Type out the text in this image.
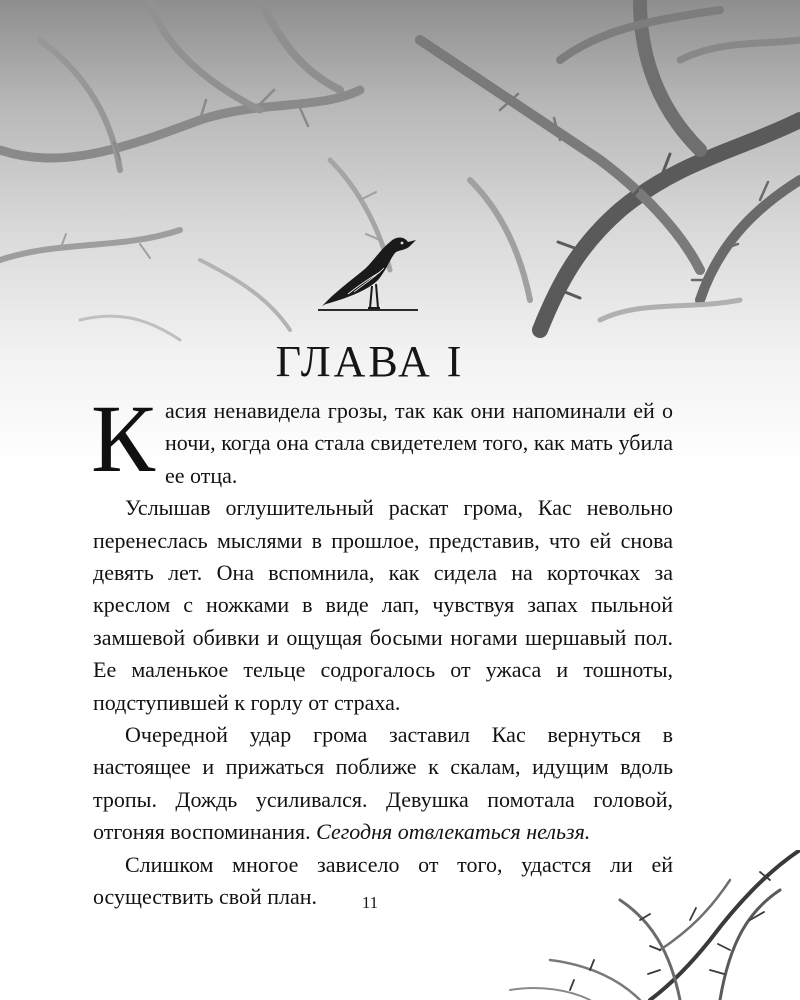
ГЛАВА I

Касия ненавидела грозы, так как они напоминали ей о ночи, когда она стала свидетелем того, как мать убила ее отца.

Услышав оглушительный раскат грома, Кас невольно перенеслась мыслями в прошлое, представив, что ей снова девять лет. Она вспомнила, как сидела на корточках за креслом с ножками в виде лап, чувствуя запах пыльной замшевой обивки и ощущая босыми ногами шершавый пол. Ее маленькое тельце содрогалось от ужаса и тошноты, подступившей к горлу от страха.

Очередной удар грома заставил Кас вернуться в настоящее и прижаться поближе к скалам, идущим вдоль тропы. Дождь усиливался. Девушка помотала головой, отгоняя воспоминания. Сегодня отвлекаться нельзя.

Слишком многое зависело от того, удастся ли ей осуществить свой план.	11
